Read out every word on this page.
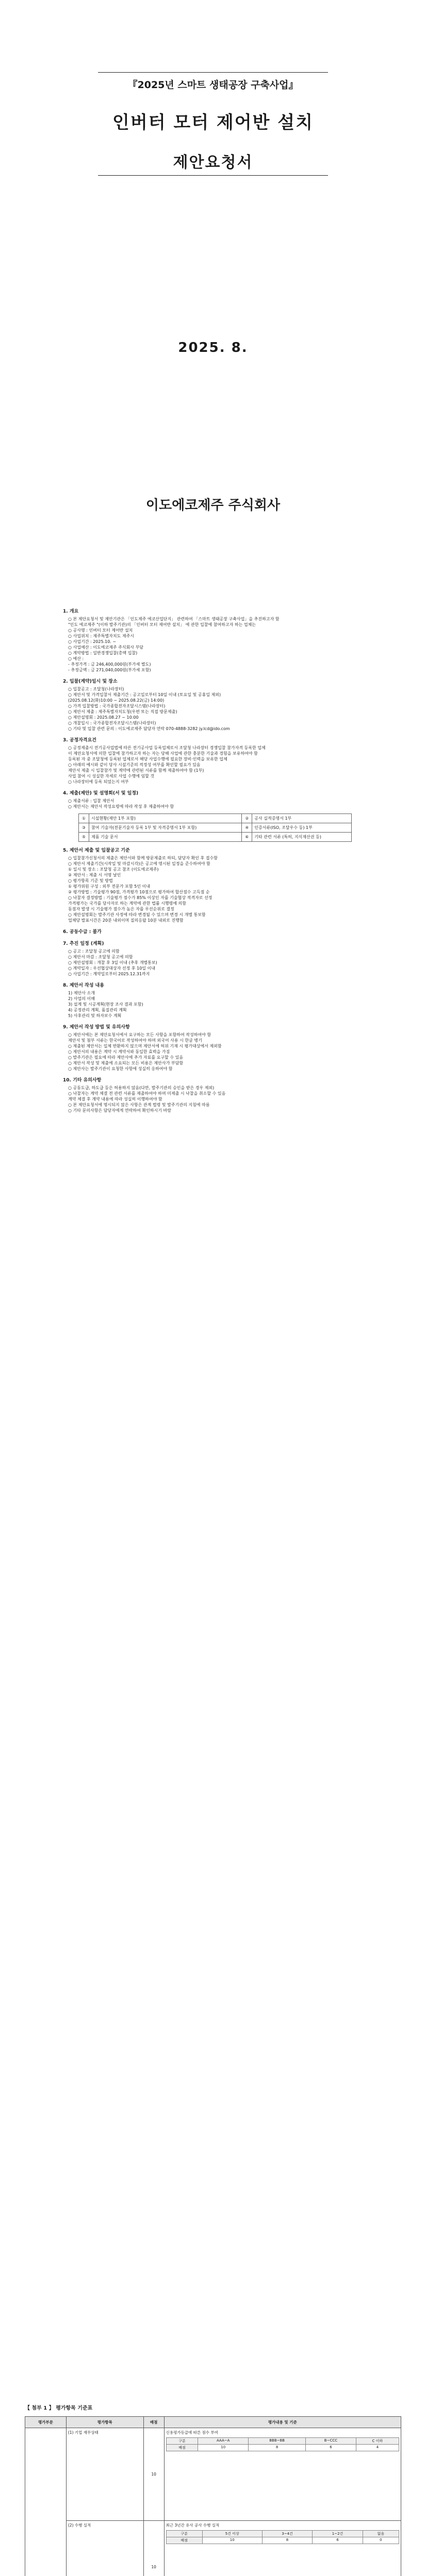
『2025년 스마트 생태공장 구축사업』
인버터 모터 제어반 설치
제안요청서
2025. 8.
이도에코제주 주식회사
1. 개요
○ 본 제안요청서 및 제안기관은 「인도제주 에코산업단지」 관련하여 「스마트 생태공장 구축사업」을 추진하고자 함
"인도 에코제주 "(이하 발주기관)의 「인버터 모터 제어반 설치」 에 관한 입찰에 참여하고자 하는 업체는
○ 공사명 : 인버터 모터 제어반 설치
○ 사업위치 : 제주특별자치도 제주시
○ 사업기간 : 2025.10. ~
○ 사업예산 : 이도에코제주 주식회사 부담
○ 계약방법 : 일반경쟁입찰(총액 입찰)
○ 예산 :
- 추정가격 : 금 246,400,000원(부가세 별도)
- 추정금액 : 금 271,040,000원(부가세 포함)
2. 입찰(계약)일시 및 장소
○ 입찰공고 : 조달청(나라장터)
○ 제안서 및 가격입찰서 제출기간 : 공고일로부터 10일 이내 (토요일 및 공휴일 제외)
(2025.08.12(화)10:00 ~ 2025.08.22(금) 14:00)
○ 가격 입찰방법 : 국가종합전자조달시스템(나라장터)
○ 제안서 제출 : 제주특별자치도청(우편 또는 직접 방문제출)
○ 제안설명회 : 2025.08.27 ~ 10:00
○ 개찰일시 : 국가종합전자조달시스템(나라장터)
○ 기타 및 입찰 관련 문의 : 이도에코제주 담당자 연락 070-4888-3282 jy.lcd@ido.com
3. 공정자격요건
○ 공정제출시 전기공사업법에 따른 전기공사업 등록업체로서 조달청 나라장터 경쟁입찰 참가자격 등록한 업체
이 제안요청서에 의한 입찰에 참가하고자 하는 자는 당해 사업에 관한 충분한 기술과 경험을 보유하여야 함
등록된 자 중 조달청에 등록된 업체로서 해당 사업수행에 필요한 장비·인력을 보유한 업체
○ 아래의 예시와 같이 당사 시설기준의 적정성 여부를 확인할 필요가 있음
제안서 제출 시 입찰참가 및 계약에 관련된 서류를 함께 제출하여야 함 (1부)
사업 참여 시 성실한 자세로 사업 수행에 임할 것
○ 나라장터에 등록 되었는지 여부
4. 제출(제안) 및 설명회(서 및 일정)
○ 제출서류 : 입찰 제안서
○ 제안서는 제안서 작성요령에 따라 작성 후 제출하여야 함
①	시설현황(제안 1부 포함)	②	공사 실적증명서 1부
③	참여 기술자(전문기술자 등록 1부 및 자격증명서 1부 포함)	④	인증서류(ISO, 조달우수 등) 1부
⑤	제품 기술 문서	⑥	기타 관련 서류 (특허, 지식재산권 등)
5. 제안서 제출 및 입찰공고 기준
○ 입찰참가신청서의 제출은 제안서와 함께 방문제출로 하되, 담당자 확인 후 접수함
○ 제안서 제출기간(시작일 및 마감시각)은 공고에 명시된 일정을 준수하여야 함
① 일시 및 장소 : 조달청 공고 참조 (이도에코제주)
② 제안서 : 제출 시 서명 날인
○ 평가항목 기준 및 방법
① 평가위원 구성 : 외부 전문가 포함 5인 이내
② 평가방법 : 기술평가 90점, 가격평가 10점으로 평가하여 합산점수 고득점 순
○ 낙찰자 결정방법 : 기술평가 점수가 85% 이상인 자를 기술협상 적격자로 선정
가격평가는 국가를 당사자로 하는 계약에 관한 법률 시행령에 의함
동점자 발생 시 기술평가 점수가 높은 자를 우선순위로 결정
○ 제안설명회는 발주기관 사정에 따라 변경될 수 있으며 변경 시 개별 통보함
업체당 발표시간은 20분 내외이며 질의응답 10분 내외로 진행함
6. 공동수급 : 불가
7. 추진 일정 (계획)
○ 공고 : 조달청 공고에 의함
○ 제안서 마감 : 조달청 공고에 의함
○ 제안설명회 : 개찰 후 3일 이내 (추후 개별통보)
○ 계약일자 : 우선협상대상자 선정 후 10일 이내
○ 사업기간 : 계약일로부터 2025.12.31까지
8. 제안서 작성 내용
1) 제안사 소개
2) 사업의 이해
3) 설계 및 시공계획(현장 조사 결과 포함)
4) 공정관리 계획, 품질관리 계획
5) 사후관리 및 하자보수 계획
9. 제안서 작성 방법 및 유의사항
○ 제안서에는 본 제안요청서에서 요구하는 모든 사항을 포함하여 작성하여야 함
제안서 및 첨부 서류는 한국어로 작성하여야 하며 외국어 사용 시 한글 병기
○ 제출된 제안서는 일체 반환하지 않으며 제안서에 허위 기재 시 평가대상에서 제외함
○ 제안서의 내용은 계약 시 계약서와 동일한 효력을 가짐
○ 발주기관은 필요에 따라 제안사에 추가 자료를 요구할 수 있음
○ 제안서 작성 및 제출에 소요되는 모든 비용은 제안사가 부담함
○ 제안사는 발주기관이 요청한 사항에 성실히 응하여야 함
10. 기타 유의사항
○ 공동도급, 하도급 등은 허용하지 않음(다만, 발주기관의 승인을 받은 경우 제외)
○ 낙찰자는 계약 체결 전 관련 서류를 제출하여야 하며 미제출 시 낙찰을 취소할 수 있음
계약 체결 후 계약 내용에 따라 성실히 이행하여야 함
○ 본 제안요청서에 명시되지 않은 사항은 관계 법령 및 발주기관의 지침에 따름
○ 기타 문의사항은 담당자에게 연락하여 확인하시기 바람
【 첨부 1 】 평가항목 기준표
평가부문	평가항목	배점	평가내용 및 기준
	(1) 기업 재무상태	10	
신용평가등급에 따른 점수 부여
구분	AAA~A	BBB~BB	B~CCC	C 이하
배점	10	8	6	4

(2) 수행 실적	10	
최근 3년간 유사 공사 수행 실적
구분	5건 이상	3~4건	1~2건	없음
배점	10	8	6	0
